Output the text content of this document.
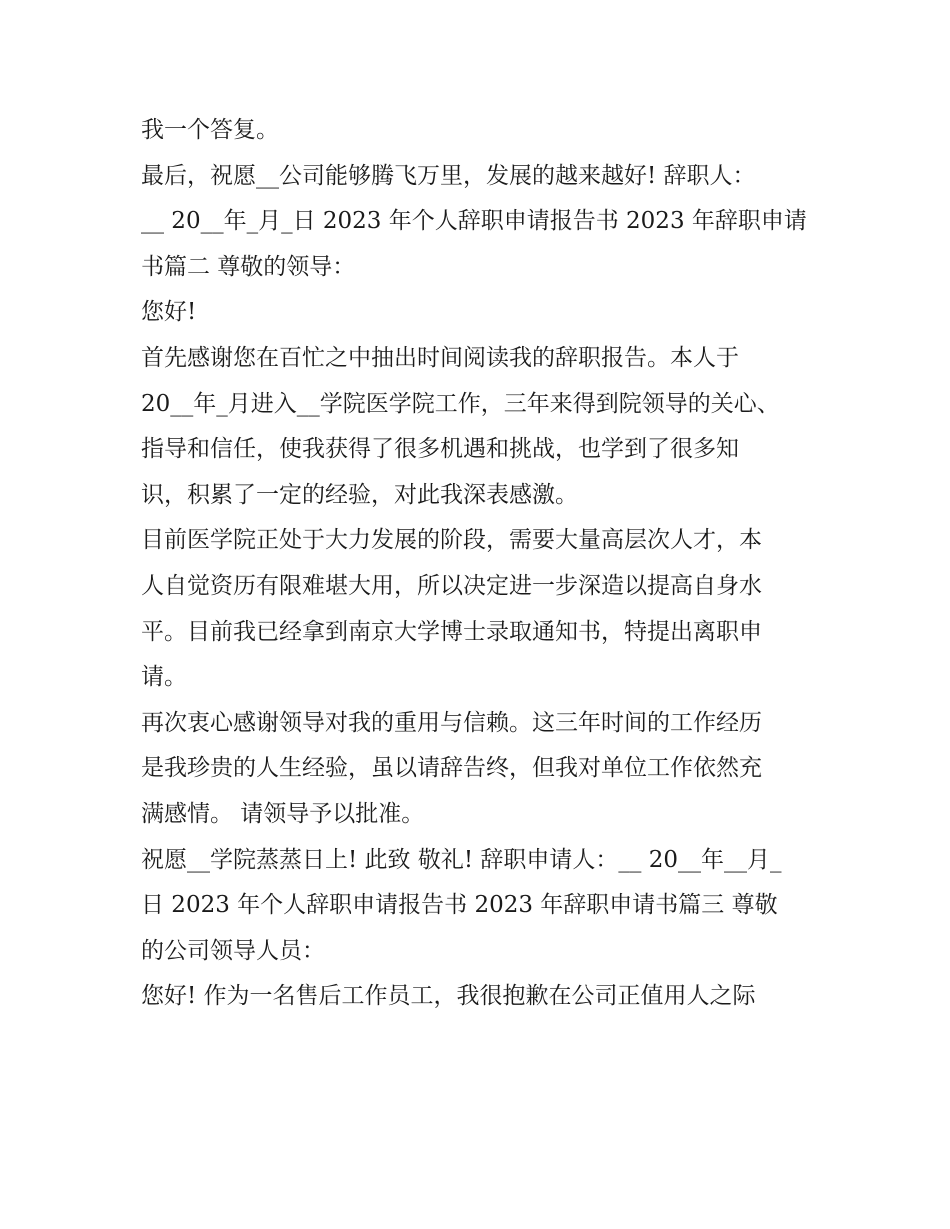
我一个答复。
最后，祝愿__公司能够腾飞万里，发展的越来越好! 辞职人：
__ 20__年_月_日 2023 年个人辞职申请报告书 2023 年辞职申请
书篇二 尊敬的领导：
您好!
首先感谢您在百忙之中抽出时间阅读我的辞职报告。本人于
20__年_月进入__学院医学院工作，三年来得到院领导的关心、
指导和信任，使我获得了很多机遇和挑战，也学到了很多知
识，积累了一定的经验，对此我深表感激。
目前医学院正处于大力发展的阶段，需要大量高层次人才，本
人自觉资历有限难堪大用，所以决定进一步深造以提高自身水
平。目前我已经拿到南京大学博士录取通知书，特提出离职申
请。
再次衷心感谢领导对我的重用与信赖。这三年时间的工作经历
是我珍贵的人生经验，虽以请辞告终，但我对单位工作依然充
满感情。 请领导予以批准。
祝愿__学院蒸蒸日上! 此致 敬礼! 辞职申请人：__ 20__年__月_
日 2023 年个人辞职申请报告书 2023 年辞职申请书篇三 尊敬
的公司领导人员：
您好! 作为一名售后工作员工，我很抱歉在公司正值用人之际
